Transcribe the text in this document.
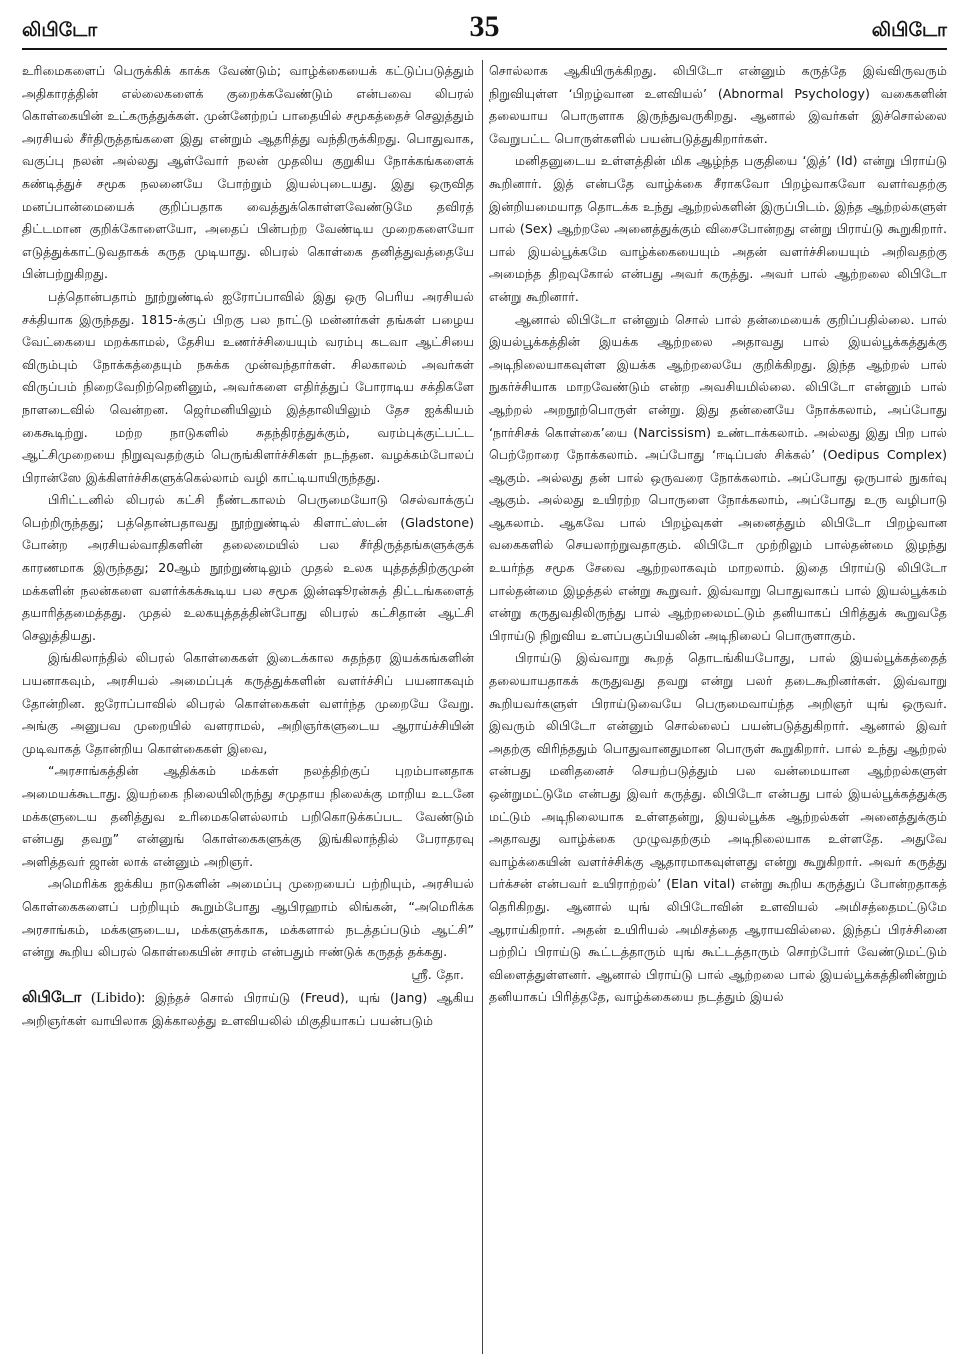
லிபிடோ	35	லிபிடோ

உரிமைகளைப் பெருக்கிக் காக்க வேண்டும்; வாழ்க்கையைக் கட்டுப்படுத்தும் அதிகாரத்தின் எல்லைகளைக் குறைக்கவேண்டும் என்பவை லிபரல் கொள்கையின் உட்கருத்துக்கள். முன்னேற்றப் பாதையில் சமூகத்தைச் செலுத்தும் அரசியல் சீர்திருத்தங்களை இது என்றும் ஆதரித்து வந்திருக்கிறது. பொதுவாக, வகுப்பு நலன் அல்லது ஆள்வோர் நலன் முதலிய குறுகிய நோக்கங்களைக் கண்டித்துச் சமூக நலனையே போற்றும் இயல்புடையது. இது ஒருவித மனப்பான்மையைக் குறிப்பதாக வைத்துக்கொள்ளவேண்டுமே தவிரத் திட்டமான குறிக்கோளையோ, அதைப் பின்பற்ற வேண்டிய முறைகளையோ எடுத்துக்காட்டுவதாகக் கருத முடியாது. லிபரல் கொள்கை தனித்துவத்தையே பின்பற்றுகிறது.

பத்தொன்பதாம் நூற்றுண்டில் ஐரோப்பாவில் இது ஒரு பெரிய அரசியல் சக்தியாக இருந்தது. 1815-க்குப் பிறகு பல நாட்டு மன்னர்கள் தங்கள் பழைய வேட்கையை மறக்காமல், தேசிய உணர்ச்சியையும் வரம்பு கடவா ஆட்சியை விரும்பும் நோக்கத்தையும் நசுக்க முன்வந்தார்கள். சிலகாலம் அவர்கள் விருப்பம் நிறைவேறிற்றெனினும், அவர்களை எதிர்த்துப் போராடிய சக்திகளே நாளடைவில் வென்றன. ஜெர்மனியிலும் இத்தாலியிலும் தேச ஐக்கியம் கைகூடிற்று. மற்ற நாடுகளில் சுதந்திரத்துக்கும், வரம்புக்குட்பட்ட ஆட்சிமுறையை நிறுவுவதற்கும் பெருங்கிளர்ச்சிகள் நடந்தன. வழக்கம்போலப் பிரான்ஸே இக்கிளர்ச்சிகளுக்கெல்லாம் வழி காட்டியாயிருந்தது.

பிரிட்டனில் லிபரல் கட்சி நீண்டகாலம் பெருமையோடு செல்வாக்குப் பெற்றிருந்தது; பத்தொன்பதாவது நூற்றுண்டில் கிளாட்ஸ்டன் (Gladstone) போன்ற அரசியல்வாதிகளின் தலைமையில் பல சீர்திருத்தங்களுக்குக் காரணமாக இருந்தது; 20ஆம் நூற்றுண்டிலும் முதல் உலக யுத்தத்திற்குமுன் மக்களின் நலன்களை வளர்க்கக்கூடிய பல சமூக இன்ஷூரன்சுத் திட்டங்களைத் தயாரித்தமைத்தது. முதல் உலகயுத்தத்தின்போது லிபரல் கட்சிதான் ஆட்சி செலுத்தியது.

இங்கிலாந்தில் லிபரல் கொள்கைகள் இடைக்கால சுதந்தர இயக்கங்களின் பயனாகவும், அரசியல் அமைப்புக் கருத்துக்களின் வளர்ச்சிப் பயனாகவும் தோன்றின. ஐரோப்பாவில் லிபரல் கொள்கைகள் வளர்ந்த முறையே வேறு. அங்கு அனுபவ முறையில் வளராமல், அறிஞர்களுடைய ஆராய்ச்சியின் முடிவாகத் தோன்றிய கொள்கைகள் இவை,

“அரசாங்கத்தின் ஆதிக்கம் மக்கள் நலத்திற்குப் புறம்பானதாக அமையக்கூடாது. இயற்கை நிலையிலிருந்து சமுதாய நிலைக்கு மாறிய உடனே மக்களுடைய தனித்துவ உரிமைகளெல்லாம் பறிகொடுக்கப்பட வேண்டும் என்பது தவறு” என்னுங் கொள்கைகளுக்கு இங்கிலாந்தில் பேராதரவு அளித்தவர் ஜான் லாக் என்னும் அறிஞர்.

அமெரிக்க ஐக்கிய நாடுகளின் அமைப்பு முறையைப் பற்றியும், அரசியல் கொள்கைகளைப் பற்றியும் கூறும்போது ஆபிரஹாம் லிங்கன், “அமெரிக்க அரசாங்கம், மக்களுடைய, மக்களுக்காக, மக்களால் நடத்தப்படும் ஆட்சி” என்று கூறிய லிபரல் கொள்கையின் சாரம் என்பதும் ஈண்டுக் கருதத் தக்கது.

ஸ்ரீ. தோ.

லிபிடோ (Libido): இந்தச் சொல் பிராய்டு (Freud), யுங் (Jang) ஆகிய அறிஞர்கள் வாயிலாக இக்காலத்து உளவியலில் மிகுதியாகப் பயன்படும்

சொல்லாக ஆகியிருக்கிறது. லிபிடோ என்னும் கருத்தே இவ்விருவரும் நிறுவியுள்ள ‘பிறழ்வான உளவியல்’ (Abnormal Psychology) வகைகளின் தலையாய பொருளாக இருந்துவருகிறது. ஆனால் இவர்கள் இச்சொல்லை வேறுபட்ட பொருள்களில் பயன்படுத்துகிறார்கள்.

மனிதனுடைய உள்ளத்தின் மிக ஆழ்ந்த பகுதியை ‘இத்’ (Id) என்று பிராய்டு கூறினார். இத் என்பதே வாழ்க்கை சீராகவோ பிறழ்வாகவோ வளர்வதற்கு இன்றியமையாத தொடக்க உந்து ஆற்றல்களின் இருப்பிடம். இந்த ஆற்றல்களுள் பால் (Sex) ஆற்றலே அனைத்துக்கும் விசைபோன்றது என்று பிராய்டு கூறுகிறார். பால் இயல்பூக்கமே வாழ்க்கையையும் அதன் வளர்ச்சியையும் அறிவதற்கு அமைந்த திறவுகோல் என்பது அவர் கருத்து. அவர் பால் ஆற்றலை லிபிடோ என்று கூறினார்.

ஆனால் லிபிடோ என்னும் சொல் பால் தன்மையைக் குறிப்பதில்லை. பால் இயல்பூக்கத்தின் இயக்க ஆற்றலை அதாவது பால் இயல்பூக்கத்துக்கு அடிநிலையாகவுள்ள இயக்க ஆற்றலையே குறிக்கிறது. இந்த ஆற்றல் பால் நுகர்ச்சியாக மாறவேண்டும் என்ற அவசியமில்லை. லிபிடோ என்னும் பால் ஆற்றல் அறநூற்பொருள் என்று. இது தன்னையே நோக்கலாம், அப்போது ‘நார்சிசக் கொள்கை’யை (Narcissism) உண்டாக்கலாம். அல்லது இது பிற பால் பெற்றோரை நோக்கலாம். அப்போது ‘ஈடிப்பஸ் சிக்கல்’ (Oedipus Complex) ஆகும். அல்லது தன் பால் ஒருவரை நோக்கலாம். அப்போது ஒருபால் நுகர்வு ஆகும். அல்லது உயிரற்ற பொருளை நோக்கலாம், அப்போது உரு வழிபாடு ஆகலாம். ஆகவே பால் பிறழ்வுகள் அனைத்தும் லிபிடோ பிறழ்வான வகைகளில் செயலாற்றுவதாகும். லிபிடோ முற்றிலும் பால்தன்மை இழந்து உயர்ந்த சமூக சேவை ஆற்றலாகவும் மாறலாம். இதை பிராய்டு லிபிடோ பால்தன்மை இழத்தல் என்று கூறுவர். இவ்வாறு பொதுவாகப் பால் இயல்பூக்கம் என்று கருதுவதிலிருந்து பால் ஆற்றலைமட்டும் தனியாகப் பிரித்துக் கூறுவதே பிராய்டு நிறுவிய உளப்பகுப்பியலின் அடிநிலைப் பொருளாகும்.

பிராய்டு இவ்வாறு கூறத் தொடங்கியபோது, பால் இயல்பூக்கத்தைத் தலையாயதாகக் கருதுவது தவறு என்று பலர் தடைகூறினர்கள். இவ்வாறு கூறியவர்களுள் பிராய்டுவையே பெருமைவாய்ந்த அறிஞர் யுங் ஒருவர். இவரும் லிபிடோ என்னும் சொல்லைப் பயன்படுத்துகிறார். ஆனால் இவர் அதற்கு விரிந்ததும் பொதுவானதுமான பொருள் கூறுகிறார். பால் உந்து ஆற்றல் என்பது மனிதனைச் செயற்படுத்தும் பல வன்மையான ஆற்றல்களுள் ஒன்றுமட்டுமே என்பது இவர் கருத்து. லிபிடோ என்பது பால் இயல்பூக்கத்துக்கு மட்டும் அடிநிலையாக உள்ளதன்று, இயல்பூக்க ஆற்றல்கள் அனைத்துக்கும் அதாவது வாழ்க்கை முழுவதற்கும் அடிநிலையாக உள்ளதே. அதுவே வாழ்க்கையின் வளர்ச்சிக்கு ஆதாரமாகவுள்ளது என்று கூறுகிறார். அவர் கருத்து பர்க்சன் என்பவர் உயிராற்றல்’ (Elan vital) என்று கூறிய கருத்துப் போன்றதாகத் தெரிகிறது. ஆனால் யுங் லிபிடோவின் உளவியல் அமிசத்தைமட்டுமே ஆராய்கிறார். அதன் உயிரியல் அமிசத்தை ஆராயவில்லை. இந்தப் பிரச்சினை பற்றிப் பிராய்டு கூட்டத்தாரும் யுங் கூட்டத்தாரும் சொற்போர் வேண்டுமட்டும் விளைத்துள்ளனர். ஆனால் பிராய்டு பால் ஆற்றலை பால் இயல்பூக்கத்தினின்றும் தனியாகப் பிரித்ததே, வாழ்க்கையை நடத்தும் இயல்
